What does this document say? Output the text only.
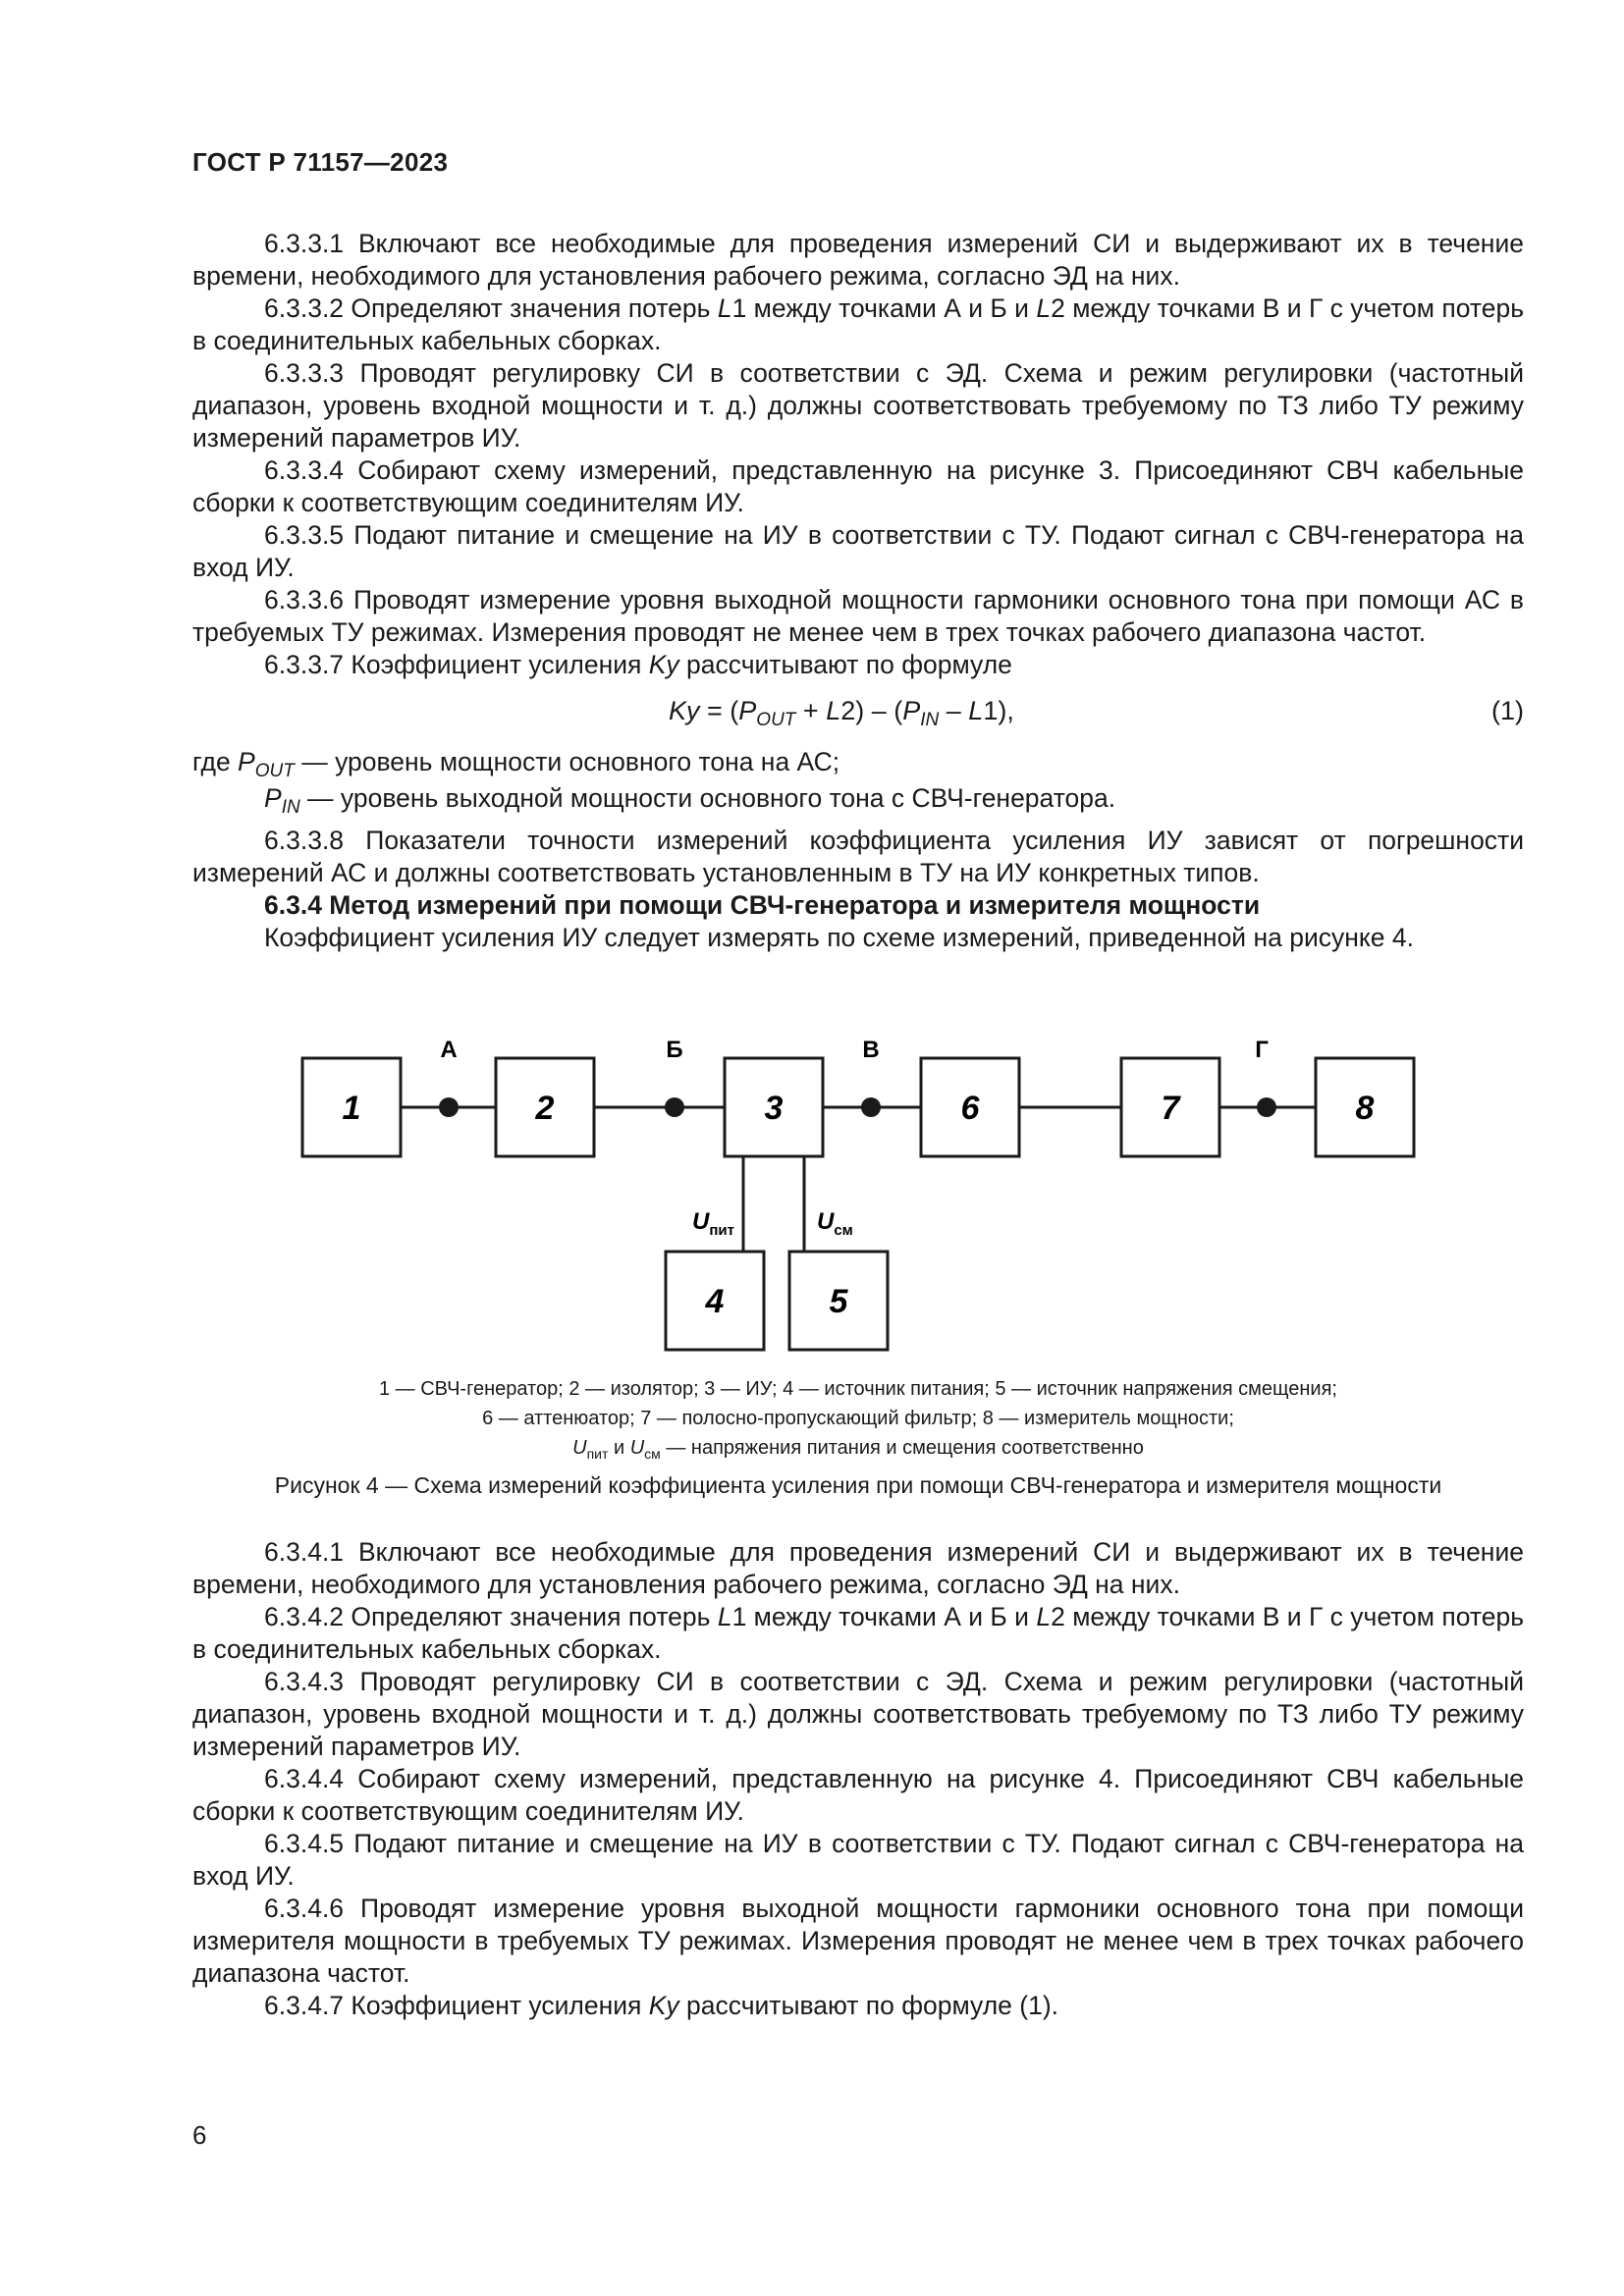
ГОСТ Р 71157—2023

6.3.3.1 Включают все необходимые для проведения измерений СИ и выдерживают их в течение времени, необходимого для установления рабочего режима, согласно ЭД на них.

6.3.3.2 Определяют значения потерь L1 между точками А и Б и L2 между точками В и Г с учетом потерь в соединительных кабельных сборках.

6.3.3.3 Проводят регулировку СИ в соответствии с ЭД. Схема и режим регулировки (частотный диапазон, уровень входной мощности и т. д.) должны соответствовать требуемому по ТЗ либо ТУ режиму измерений параметров ИУ.

6.3.3.4 Собирают схему измерений, представленную на рисунке 3. Присоединяют СВЧ кабельные сборки к соответствующим соединителям ИУ.

6.3.3.5 Подают питание и смещение на ИУ в соответствии с ТУ. Подают сигнал с СВЧ-генератора на вход ИУ.

6.3.3.6 Проводят измерение уровня выходной мощности гармоники основного тона при помощи АС в требуемых ТУ режимах. Измерения проводят не менее чем в трех точках рабочего диапазона частот.

6.3.3.7 Коэффициент усиления Ky рассчитывают по формуле

$Ky = (P_{OUT} + L2) - (P_{IN} - L1)$,	(1)
где $P_{OUT}$ — уровень мощности основного тона на АС;
$P_{IN}$ — уровень выходной мощности основного тона с СВЧ-генератора.

6.3.3.8 Показатели точности измерений коэффициента усиления ИУ зависят от погрешности измерений АС и должны соответствовать установленным в ТУ на ИУ конкретных типов.

6.3.4 Метод измерений при помощи СВЧ-генератора и измерителя мощности

Коэффициент усиления ИУ следует измерять по схеме измерений, приведенной на рисунке 4.

1	2	3	6	7	8
4	5
А	Б	В	Г
$U_{пит}$	$U_{см}$
1 — СВЧ-генератор; 2 — изолятор; 3 — ИУ; 4 — источник питания; 5 — источник напряжения смещения;
6 — аттенюатор; 7 — полосно-пропускающий фильтр; 8 — измеритель мощности;
$U_{пит}$ и $U_{см}$ — напряжения питания и смещения соответственно
Рисунок 4 — Схема измерений коэффициента усиления при помощи СВЧ-генератора и измерителя мощности

6.3.4.1 Включают все необходимые для проведения измерений СИ и выдерживают их в течение времени, необходимого для установления рабочего режима, согласно ЭД на них.

6.3.4.2 Определяют значения потерь L1 между точками А и Б и L2 между точками В и Г с учетом потерь в соединительных кабельных сборках.

6.3.4.3 Проводят регулировку СИ в соответствии с ЭД. Схема и режим регулировки (частотный диапазон, уровень входной мощности и т. д.) должны соответствовать требуемому по ТЗ либо ТУ режиму измерений параметров ИУ.

6.3.4.4 Собирают схему измерений, представленную на рисунке 4. Присоединяют СВЧ кабельные сборки к соответствующим соединителям ИУ.

6.3.4.5 Подают питание и смещение на ИУ в соответствии с ТУ. Подают сигнал с СВЧ-генератора на вход ИУ.

6.3.4.6 Проводят измерение уровня выходной мощности гармоники основного тона при помощи измерителя мощности в требуемых ТУ режимах. Измерения проводят не менее чем в трех точках рабочего диапазона частот.

6.3.4.7 Коэффициент усиления Ky рассчитывают по формуле (1).

6
